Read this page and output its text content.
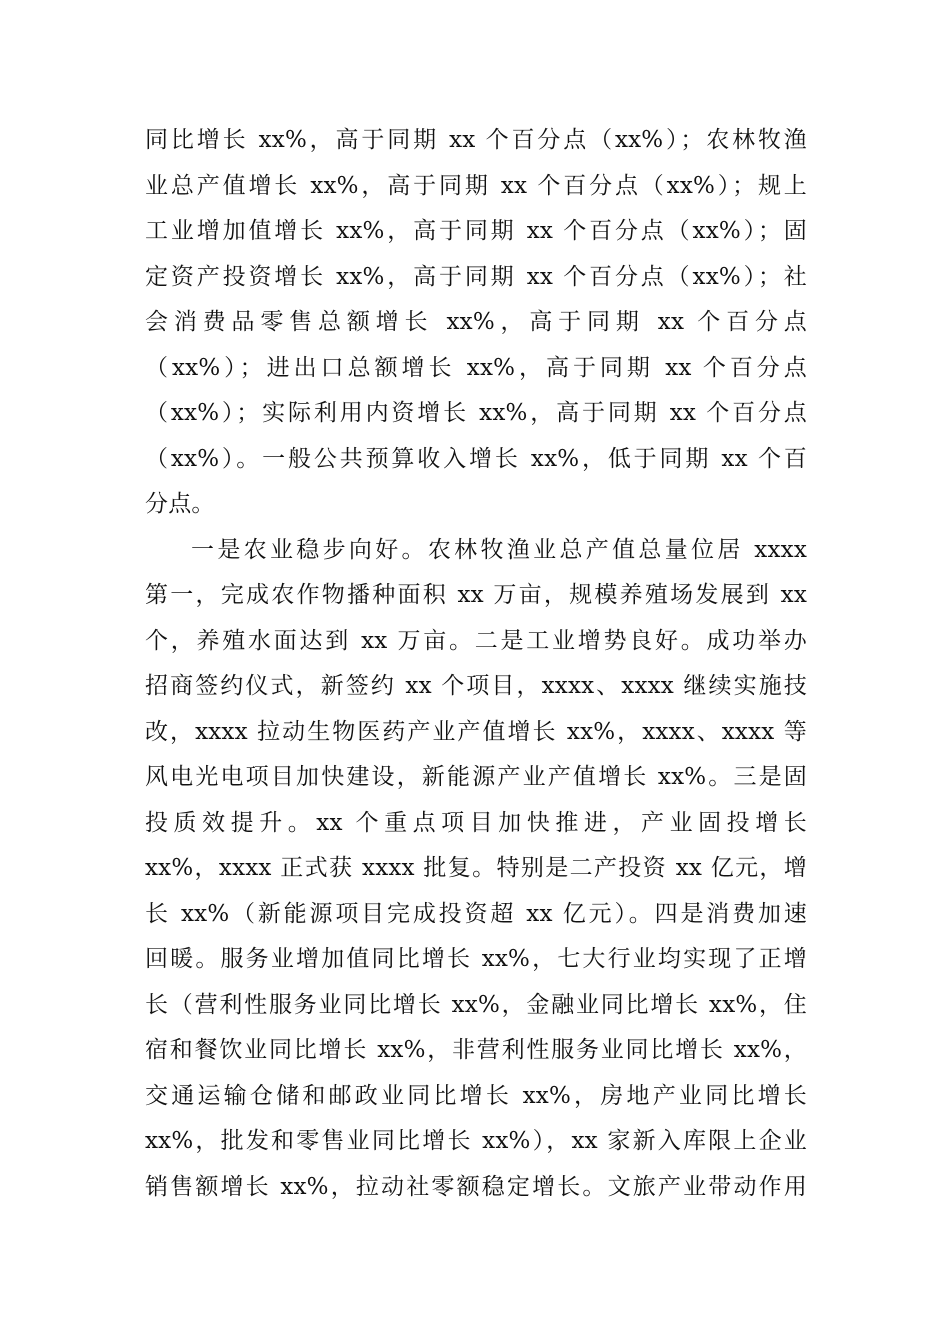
同比增长 xx%，高于同期 xx 个百分点（xx%）；农林牧渔
业总产值增长 xx%，高于同期 xx 个百分点（xx%）；规上
工业增加值增长 xx%，高于同期 xx 个百分点（xx%）；固
定资产投资增长 xx%，高于同期 xx 个百分点（xx%）；社
会消费品零售总额增长 xx%，高于同期 xx 个百分点
（xx%）；进出口总额增长 xx%，高于同期 xx 个百分点
（xx%）；实际利用内资增长 xx%，高于同期 xx 个百分点
（xx%）。一般公共预算收入增长 xx%，低于同期 xx 个百
分点。
一是农业稳步向好。农林牧渔业总产值总量位居 xxxx
第一，完成农作物播种面积 xx 万亩，规模养殖场发展到 xx
个，养殖水面达到 xx 万亩。二是工业增势良好。成功举办
招商签约仪式，新签约 xx 个项目，xxxx、xxxx 继续实施技
改，xxxx 拉动生物医药产业产值增长 xx%，xxxx、xxxx 等
风电光电项目加快建设，新能源产业产值增长 xx%。三是固
投质效提升。xx 个重点项目加快推进，产业固投增长
xx%，xxxx 正式获 xxxx 批复。特别是二产投资 xx 亿元，增
长 xx%（新能源项目完成投资超 xx 亿元）。四是消费加速
回暖。服务业增加值同比增长 xx%，七大行业均实现了正增
长（营利性服务业同比增长 xx%，金融业同比增长 xx%，住
宿和餐饮业同比增长 xx%，非营利性服务业同比增长 xx%，
交通运输仓储和邮政业同比增长 xx%，房地产业同比增长
xx%，批发和零售业同比增长 xx%），xx 家新入库限上企业
销售额增长 xx%，拉动社零额稳定增长。文旅产业带动作用
